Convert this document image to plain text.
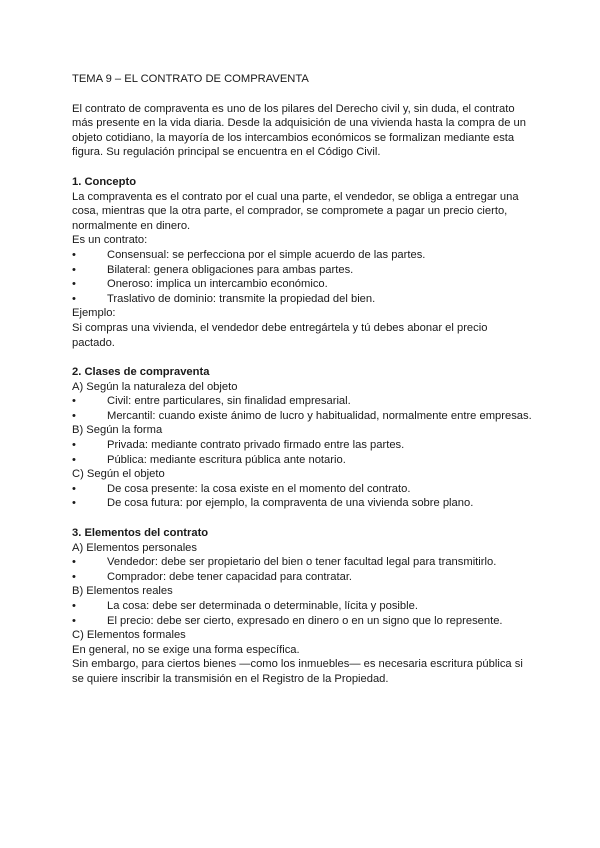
TEMA 9 – EL CONTRATO DE COMPRAVENTA

El contrato de compraventa es uno de los pilares del Derecho civil y, sin duda, el contrato más presente en la vida diaria. Desde la adquisición de una vivienda hasta la compra de un objeto cotidiano, la mayoría de los intercambios económicos se formalizan mediante esta figura. Su regulación principal se encuentra en el Código Civil.

1. Concepto

La compraventa es el contrato por el cual una parte, el vendedor, se obliga a entregar una cosa, mientras que la otra parte, el comprador, se compromete a pagar un precio cierto, normalmente en dinero.

Es un contrato:

•	Consensual: se perfecciona por el simple acuerdo de las partes.
•	Bilateral: genera obligaciones para ambas partes.
•	Oneroso: implica un intercambio económico.
•	Traslativo de dominio: transmite la propiedad del bien.

Ejemplo:

Si compras una vivienda, el vendedor debe entregártela y tú debes abonar el precio pactado.

2. Clases de compraventa

A) Según la naturaleza del objeto

•	Civil: entre particulares, sin finalidad empresarial.
•	Mercantil: cuando existe ánimo de lucro y habitualidad, normalmente entre empresas.

B) Según la forma

•	Privada: mediante contrato privado firmado entre las partes.
•	Pública: mediante escritura pública ante notario.

C) Según el objeto

•	De cosa presente: la cosa existe en el momento del contrato.
•	De cosa futura: por ejemplo, la compraventa de una vivienda sobre plano.
3. Elementos del contrato

A) Elementos personales

•	Vendedor: debe ser propietario del bien o tener facultad legal para transmitirlo.
•	Comprador: debe tener capacidad para contratar.

B) Elementos reales

•	La cosa: debe ser determinada o determinable, lícita y posible.
•	El precio: debe ser cierto, expresado en dinero o en un signo que lo represente.

C) Elementos formales

En general, no se exige una forma específica.

Sin embargo, para ciertos bienes —como los inmuebles— es necesaria escritura pública si se quiere inscribir la transmisión en el Registro de la Propiedad.
